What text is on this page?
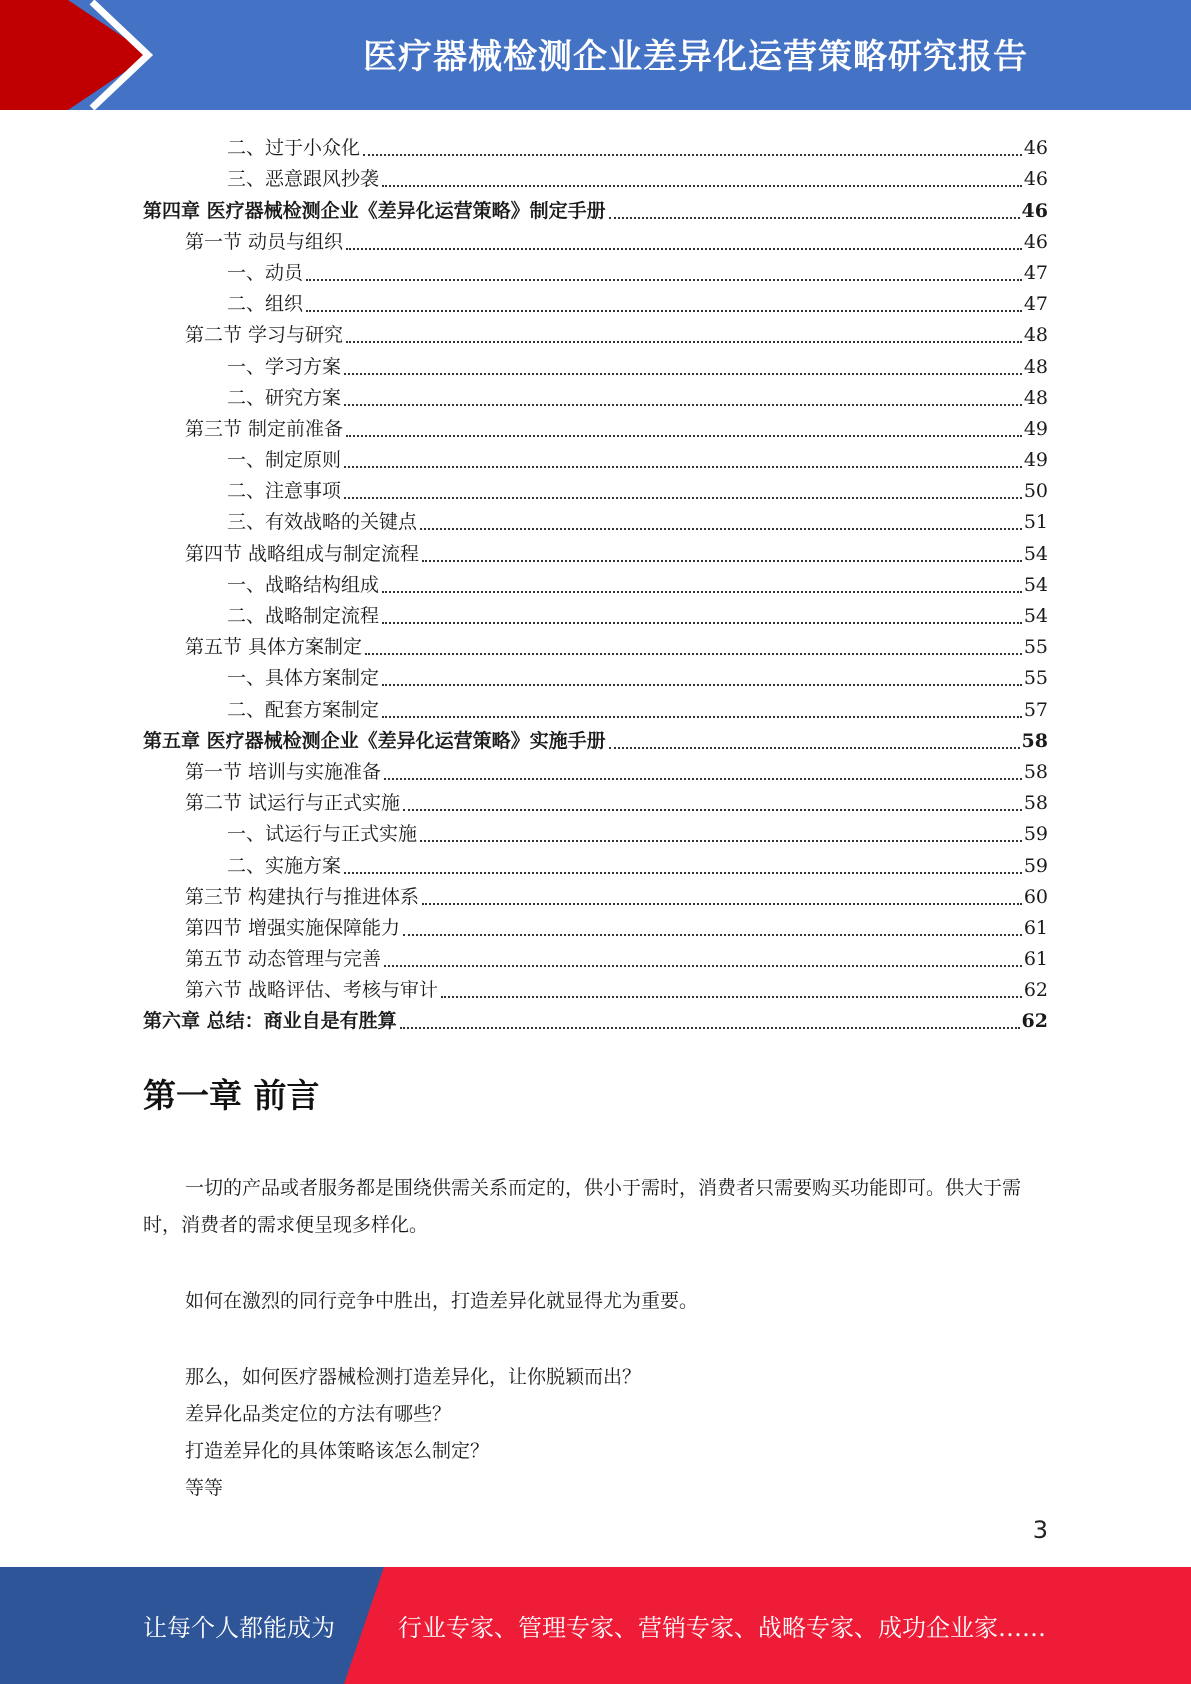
医疗器械检测企业差异化运营策略研究报告
二、过于小众化	46
三、恶意跟风抄袭	46
第四章 医疗器械检测企业《差异化运营策略》制定手册	46
第一节 动员与组织	46
一、动员	47
二、组织	47
第二节 学习与研究	48
一、学习方案	48
二、研究方案	48
第三节 制定前准备	49
一、制定原则	49
二、注意事项	50
三、有效战略的关键点	51
第四节 战略组成与制定流程	54
一、战略结构组成	54
二、战略制定流程	54
第五节 具体方案制定	55
一、具体方案制定	55
二、配套方案制定	57
第五章 医疗器械检测企业《差异化运营策略》实施手册	58
第一节 培训与实施准备	58
第二节 试运行与正式实施	58
一、试运行与正式实施	59
二、实施方案	59
第三节 构建执行与推进体系	60
第四节 增强实施保障能力	61
第五节 动态管理与完善	61
第六节 战略评估、考核与审计	62
第六章 总结：商业自是有胜算	62
第一章 前言

一切的产品或者服务都是围绕供需关系而定的，供小于需时，消费者只需要购买功能即可。供大于需时，消费者的需求便呈现多样化。

如何在激烈的同行竞争中胜出，打造差异化就显得尤为重要。

那么，如何医疗器械检测打造差异化，让你脱颖而出？

差异化品类定位的方法有哪些？

打造差异化的具体策略该怎么制定？

等等

3
让每个人都能成为	行业专家、管理专家、营销专家、战略专家、成功企业家……
